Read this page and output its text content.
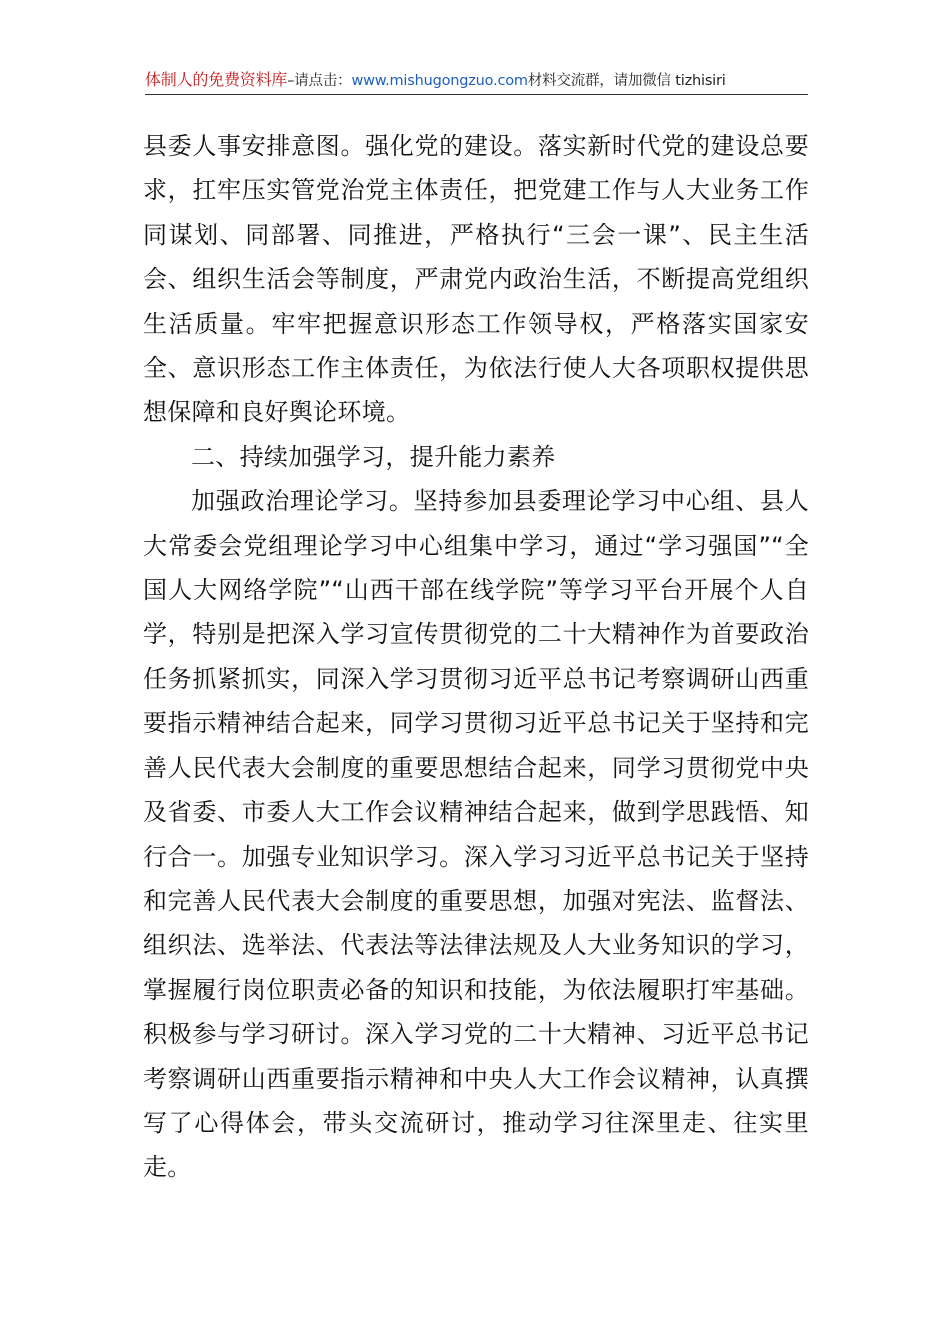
体制人的免费资料库–请点击：www.mishugongzuo.com材料交流群，请加微信 tizhisiri

县委人事安排意图。强化党的建设。落实新时代党的建设总要求，扛牢压实管党治党主体责任，把党建工作与人大业务工作同谋划、同部署、同推进，严格执行“三会一课”、民主生活会、组织生活会等制度，严肃党内政治生活，不断提高党组织生活质量。牢牢把握意识形态工作领导权，严格落实国家安全、意识形态工作主体责任，为依法行使人大各项职权提供思想保障和良好舆论环境。

二、持续加强学习，提升能力素养

加强政治理论学习。坚持参加县委理论学习中心组、县人大常委会党组理论学习中心组集中学习，通过“学习强国”“全国人大网络学院”“山西干部在线学院”等学习平台开展个人自学，特别是把深入学习宣传贯彻党的二十大精神作为首要政治任务抓紧抓实，同深入学习贯彻习近平总书记考察调研山西重要指示精神结合起来，同学习贯彻习近平总书记关于坚持和完善人民代表大会制度的重要思想结合起来，同学习贯彻党中央及省委、市委人大工作会议精神结合起来，做到学思践悟、知行合一。加强专业知识学习。深入学习习近平总书记关于坚持和完善人民代表大会制度的重要思想，加强对宪法、监督法、组织法、选举法、代表法等法律法规及人大业务知识的学习，掌握履行岗位职责必备的知识和技能，为依法履职打牢基础。积极参与学习研讨。深入学习党的二十大精神、习近平总书记考察调研山西重要指示精神和中央人大工作会议精神，认真撰写了心得体会，带头交流研讨，推动学习往深里走、往实里走。
